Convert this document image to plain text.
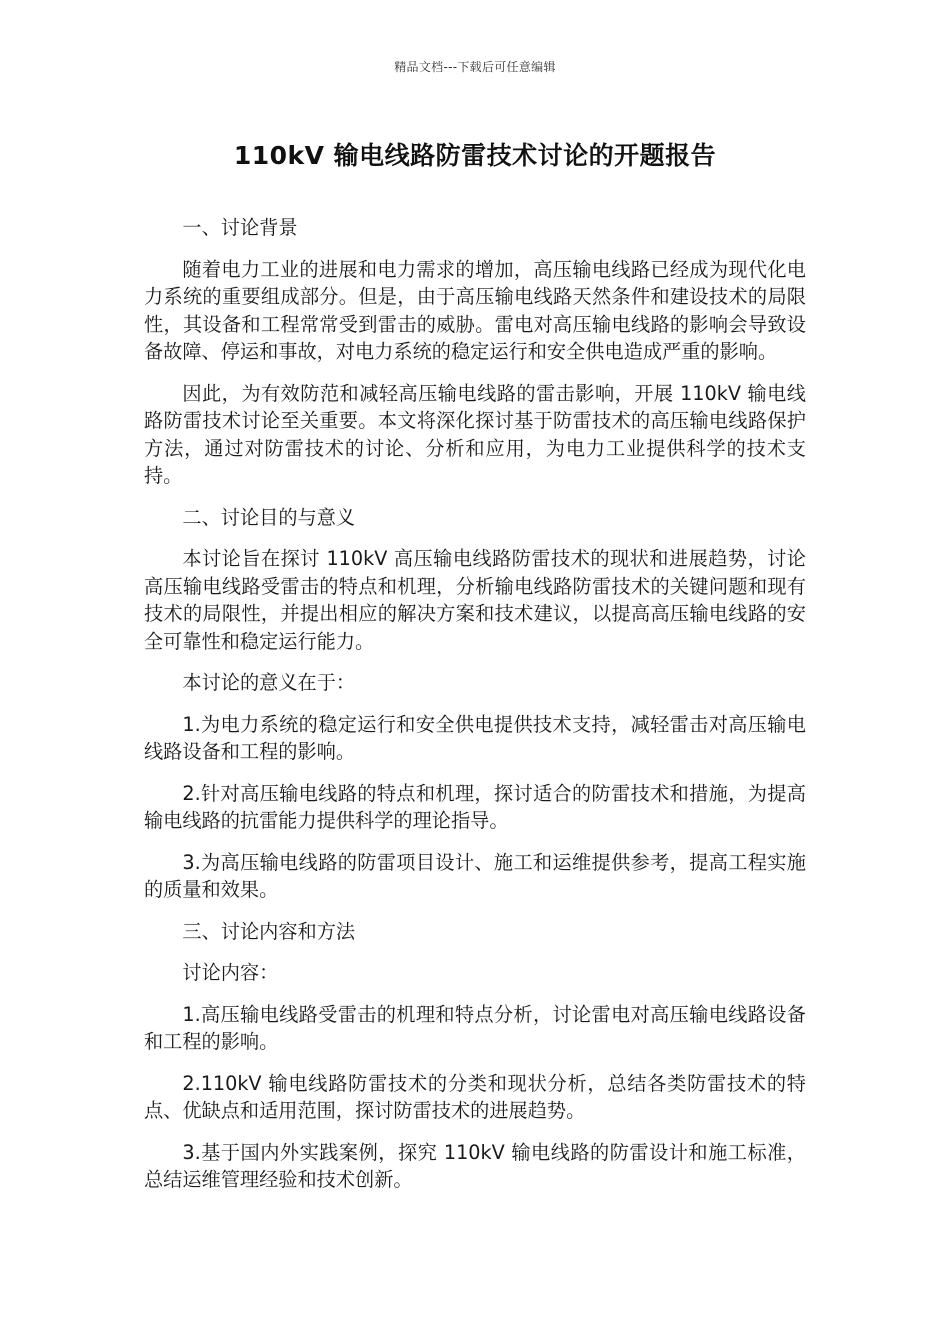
精品文档---下载后可任意编辑
110kV 输电线路防雷技术讨论的开题报告

一、讨论背景

随着电力工业的进展和电力需求的增加，高压输电线路已经成为现代化电力系统的重要组成部分。但是，由于高压输电线路天然条件和建设技术的局限性，其设备和工程常常受到雷击的威胁。雷电对高压输电线路的影响会导致设备故障、停运和事故，对电力系统的稳定运行和安全供电造成严重的影响。

因此，为有效防范和减轻高压输电线路的雷击影响，开展 110kV 输电线路防雷技术讨论至关重要。本文将深化探讨基于防雷技术的高压输电线路保护方法，通过对防雷技术的讨论、分析和应用，为电力工业提供科学的技术支持。

二、讨论目的与意义

本讨论旨在探讨 110kV 高压输电线路防雷技术的现状和进展趋势，讨论高压输电线路受雷击的特点和机理，分析输电线路防雷技术的关键问题和现有技术的局限性，并提出相应的解决方案和技术建议，以提高高压输电线路的安全可靠性和稳定运行能力。

本讨论的意义在于：

1.为电力系统的稳定运行和安全供电提供技术支持，减轻雷击对高压输电线路设备和工程的影响。

2.针对高压输电线路的特点和机理，探讨适合的防雷技术和措施，为提高输电线路的抗雷能力提供科学的理论指导。

3.为高压输电线路的防雷项目设计、施工和运维提供参考，提高工程实施的质量和效果。

三、讨论内容和方法

讨论内容：

1.高压输电线路受雷击的机理和特点分析，讨论雷电对高压输电线路设备和工程的影响。

2.110kV 输电线路防雷技术的分类和现状分析，总结各类防雷技术的特点、优缺点和适用范围，探讨防雷技术的进展趋势。

3.基于国内外实践案例，探究 110kV 输电线路的防雷设计和施工标准，总结运维管理经验和技术创新。
